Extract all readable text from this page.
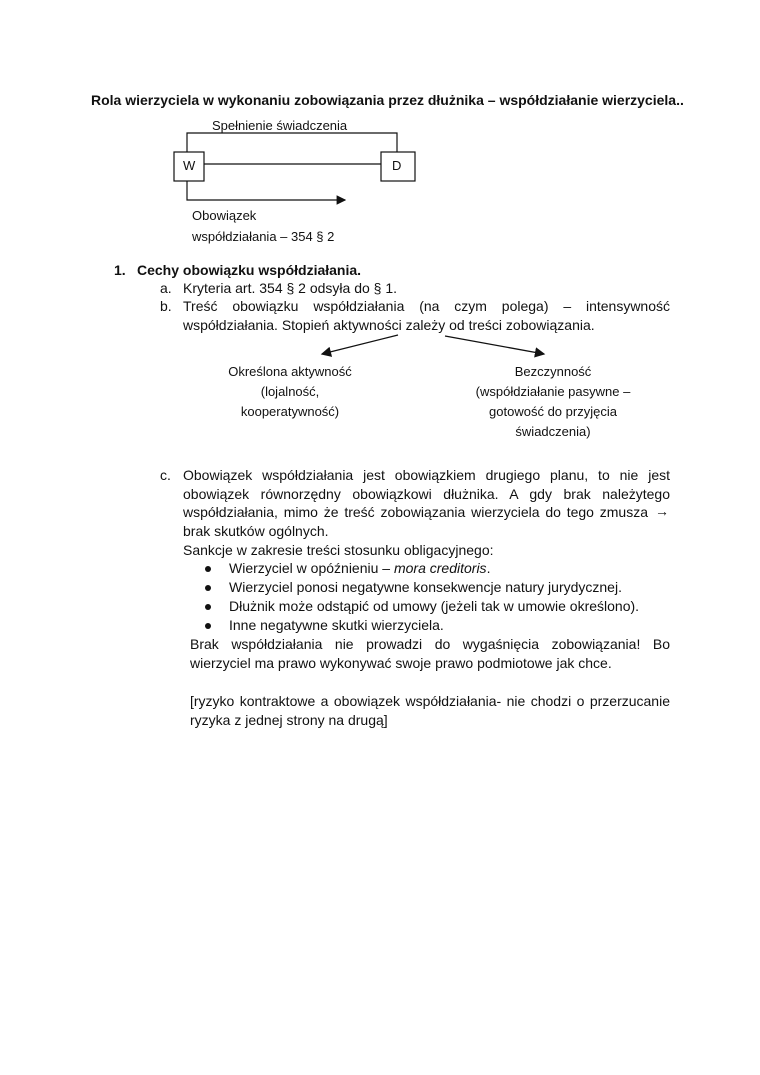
Rola wierzyciela w wykonaniu zobowiązania przez dłużnika – współdziałanie wierzyciela..
Spełnienie świadczenia
W	D
Obowiązek
współdziałania – 354 § 2
1. Cechy obowiązku współdziałania.
a. Kryteria art. 354 § 2 odsyła do § 1.
b. Treść obowiązku współdziałania (na czym polega) – intensywność
współdziałania. Stopień aktywności zależy od treści zobowiązania.
Określona aktywność
(lojalność,
kooperatywność)
Bezczynność
(współdziałanie pasywne –
gotowość do przyjęcia
świadczenia)
c. Obowiązek współdziałania jest obowiązkiem drugiego planu, to nie jest
obowiązek równorzędny obowiązkowi dłużnika. A gdy brak należytego
współdziałania, mimo że treść zobowiązania wierzyciela do tego zmusza →
brak skutków ogólnych.
Sankcje w zakresie treści stosunku obligacyjnego:
Wierzyciel w opóźnieniu – mora creditoris.
Wierzyciel ponosi negatywne konsekwencje natury jurydycznej.
Dłużnik może odstąpić od umowy (jeżeli tak w umowie określono).
Inne negatywne skutki wierzyciela.
Brak współdziałania nie prowadzi do wygaśnięcia zobowiązania! Bo
wierzyciel ma prawo wykonywać swoje prawo podmiotowe jak chce.
[ryzyko kontraktowe a obowiązek współdziałania- nie chodzi o przerzucanie
ryzyka z jednej strony na drugą]
